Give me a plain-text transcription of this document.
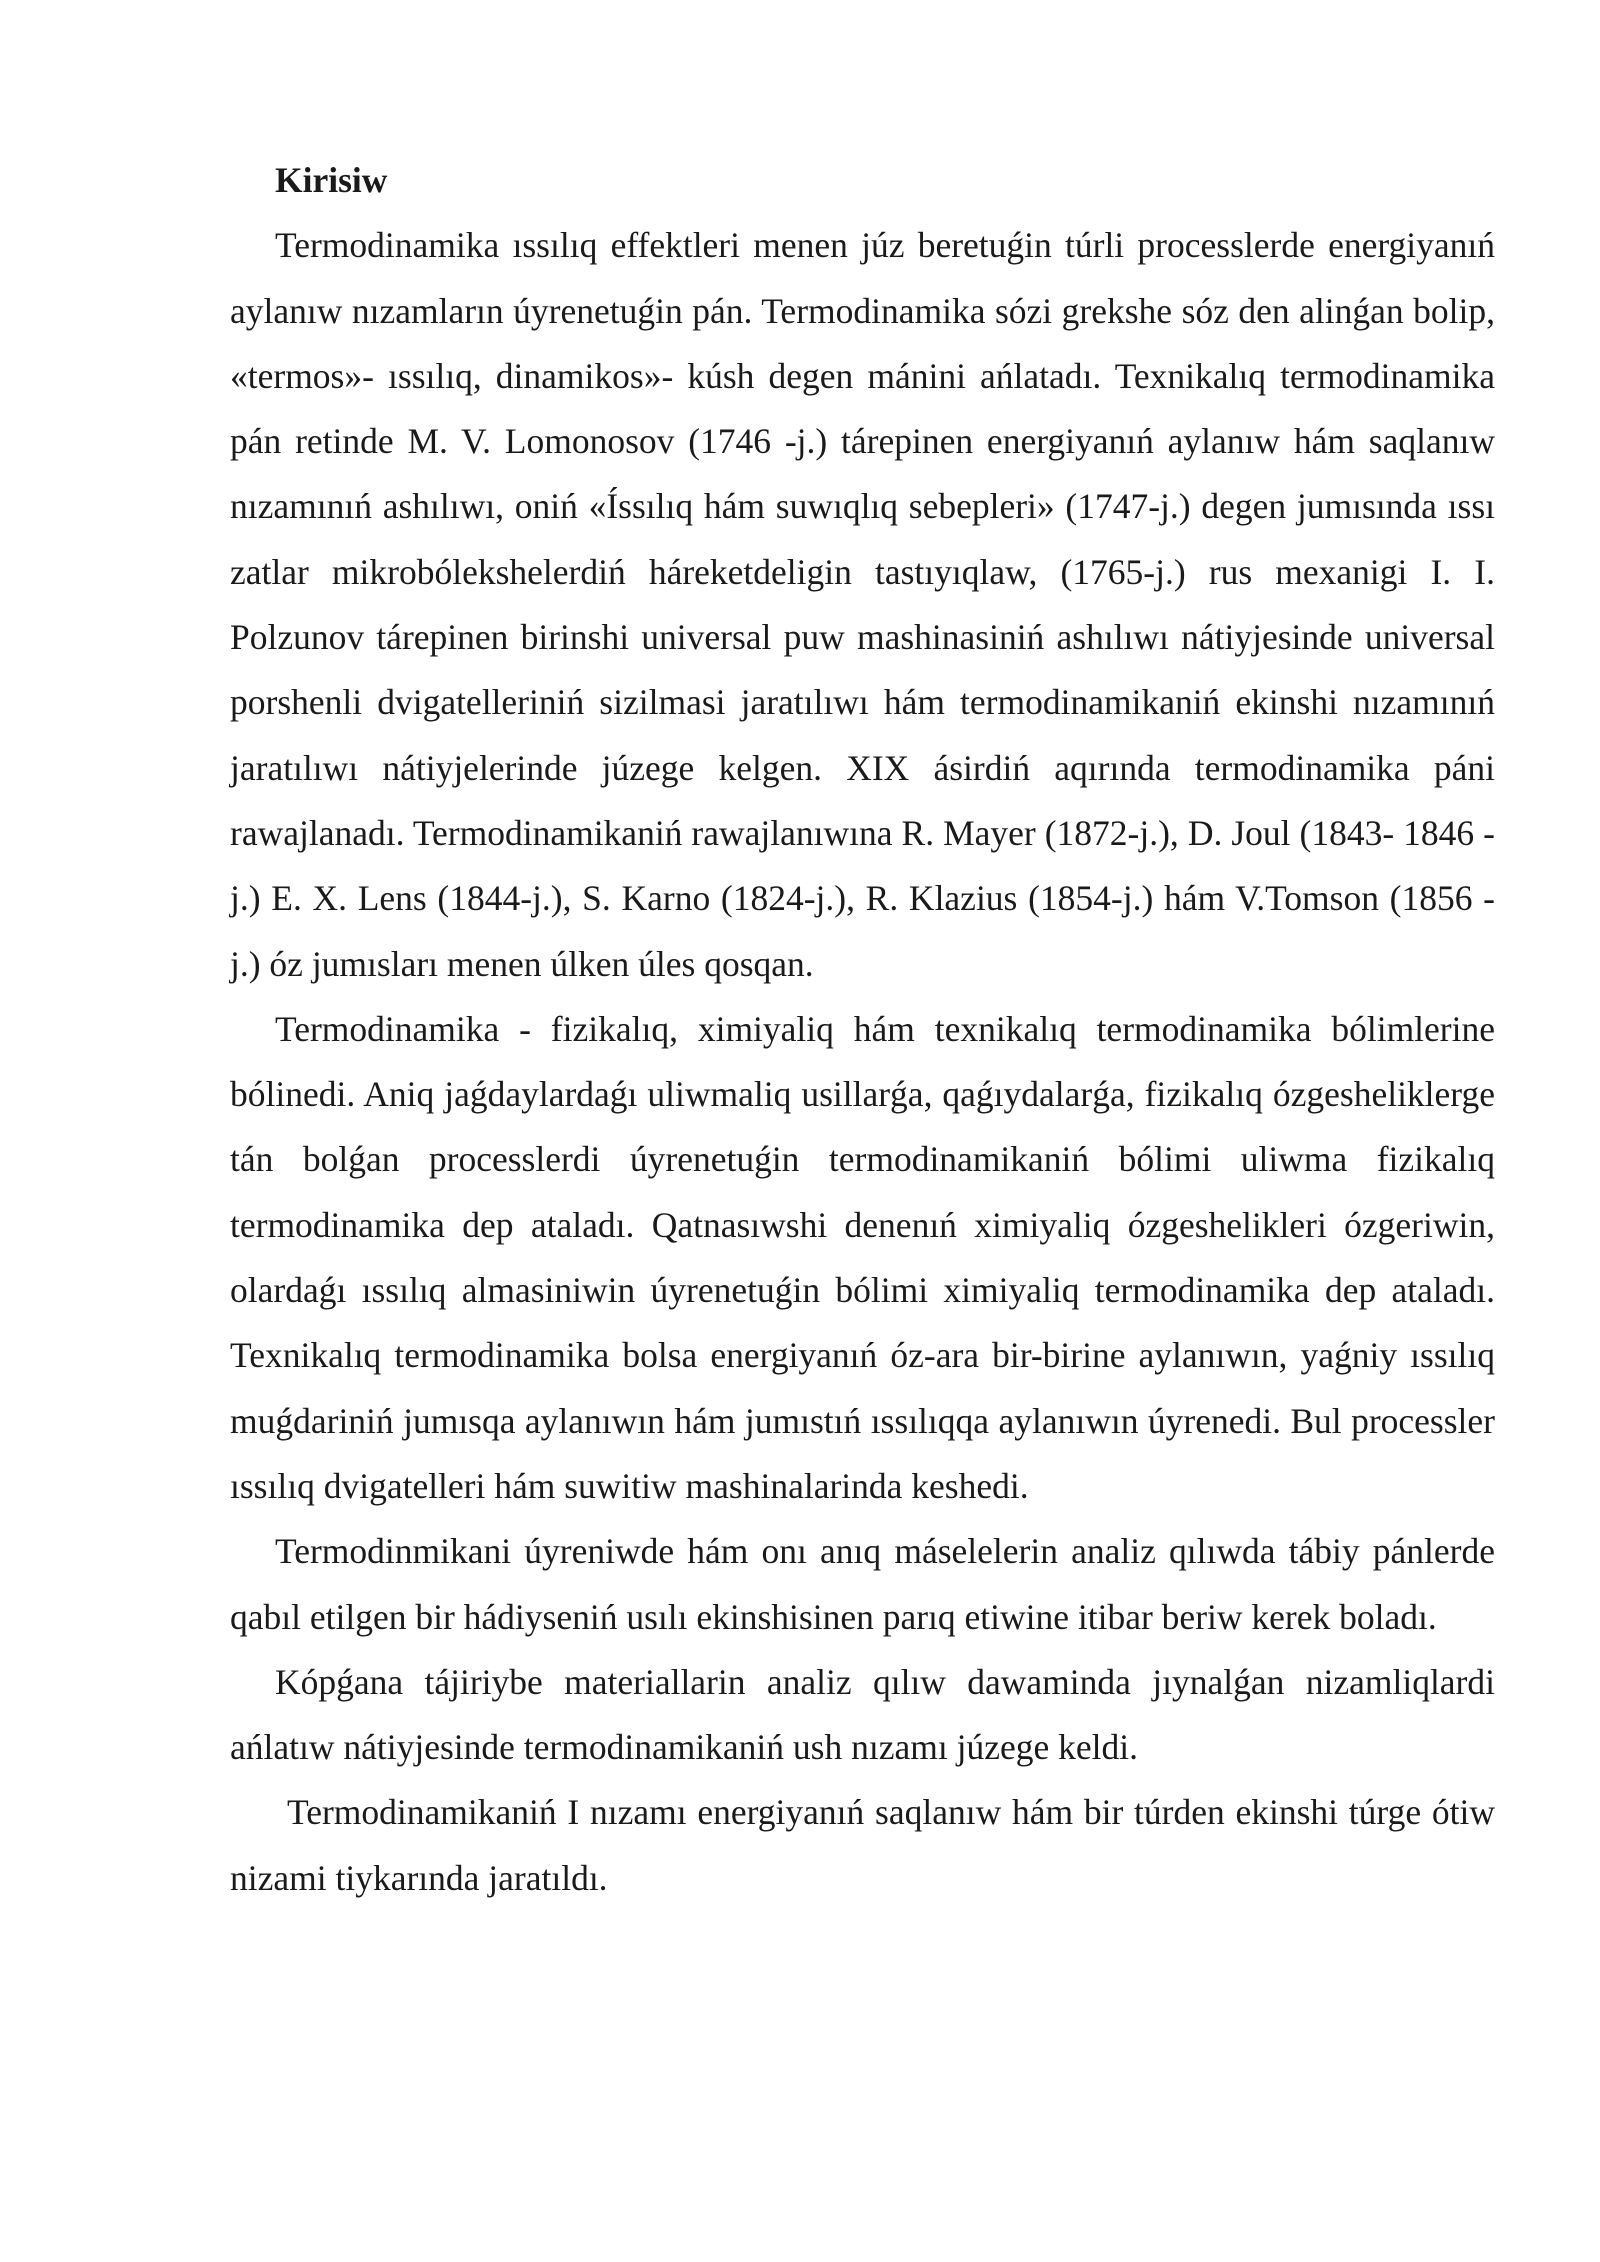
Kirisiw

Termodinamika ıssılıq effektleri menen júz beretuǵin túrli processlerde energiyanıń aylanıw nızamların úyrenetuǵin pán. Termodinamika sózi grekshe sóz den alinǵan bolip, «termos»- ıssılıq, dinamikos»- kúsh degen mánini ańlatadı. Texnikalıq termodinamika pán retinde M. V. Lomonosov (1746 -j.) tárepinen energiyanıń aylanıw hám saqlanıw nızamınıń ashılıwı, oniń «Íssılıq hám suwıqlıq sebepleri» (1747-j.) degen jumısında ıssı zatlar mikrobólekshelerdiń háreketdeligin tastıyıqlaw, (1765-j.) rus mexanigi I. I. Polzunov tárepinen birinshi universal puw mashinasiniń ashılıwı nátiyjesinde universal porshenli dvigatelleriniń sizilmasi jaratılıwı hám termodinamikaniń ekinshi nızamınıń jaratılıwı nátiyjelerinde júzege kelgen. XIX ásirdiń aqırında termodinamika páni rawajlanadı. Termodinamikaniń rawajlanıwına R. Mayer (1872-j.), D. Joul (1843- 1846 -j.) E. X. Lens (1844-j.), S. Karno (1824-j.), R. Klazius (1854-j.) hám V.Tomson (1856 -j.) óz jumısları menen úlken úles qosqan.

Termodinamika - fizikalıq, ximiyaliq hám texnikalıq termodinamika bólimlerine bólinedi. Aniq jaǵdaylardaǵı uliwmaliq usillarǵa, qaǵıydalarǵa, fizikalıq ózgesheliklerge tán bolǵan processlerdi úyrenetuǵin termodinamikaniń bólimi uliwma fizikalıq termodinamika dep ataladı. Qatnasıwshi denenıń ximiyaliq ózgeshelikleri ózgeriwin, olardaǵı ıssılıq almasiniwin úyrenetuǵin bólimi ximiyaliq termodinamika dep ataladı. Texnikalıq termodinamika bolsa energiyanıń óz-ara bir-birine aylanıwın, yaǵniy ıssılıq muǵdariniń jumısqa aylanıwın hám jumıstıń ıssılıqqa aylanıwın úyrenedi. Bul processler ıssılıq dvigatelleri hám suwitiw mashinalarinda keshedi.

Termodinmikani úyreniwde hám onı anıq máselelerin analiz qılıwda tábiy pánlerde qabıl etilgen bir hádiyseniń usılı ekinshisinen parıq etiwine itibar beriw kerek boladı.

Kópǵana tájiriybe materiallarin analiz qılıw dawaminda jıynalǵan nizamliqlardi ańlatıw nátiyjesinde termodinamikaniń ush nızamı júzege keldi.

Termodinamikaniń I nızamı energiyanıń saqlanıw hám bir túrden ekinshi túrge ótiw nizami tiykarında jaratıldı.
